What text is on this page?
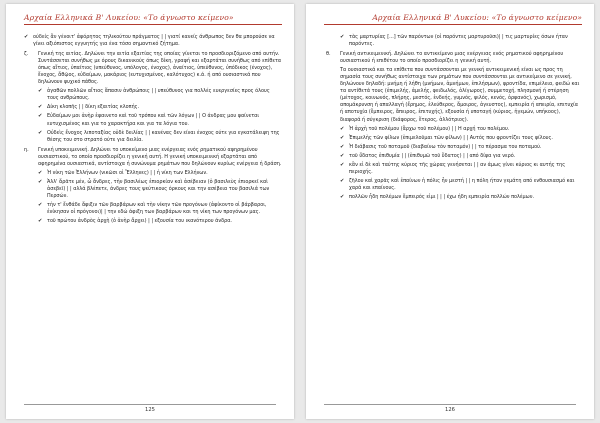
Αρχαία Ελληνικά Β' Λυκείου: «Το άγνωστο κείμενο»
✔ ούδείς ἂν γένοιτ' ἀφόρητος τηλικούτου πράγματος | | γιατί κανείς άνθρωπος δεν θα μπορούσε να γίνει αξιόπιστος εγγυητής για ένα τόσο σημαντικό ζήτημα.
ζ. Γενική της αιτίας. Δηλώνει την αιτία εξαιτίας της οποίας γίνεται το προσδιοριζόμενο από αυτήν. Συντάσσεται συνήθως με όρους δικανικούς όπως δίκη, γραφή και εξαρτάται συνήθως από επίθετα όπως αἴτιος, ὑπαίτιος (υπεύθυνος, υπόλογος, ένοχος), ἀναίτιος, ὑπεύθυνος, ὑπόδικος (ένοχος), ἔνοχος, ἄθῷος, εὐδαίμων, μακάριος (ευτυχισμένος, καλότυχος) κ.ά. ή από ουσιαστικά που δηλώνουν ψυχικό πάθος.
✔ ἀγαθῶν πολλῶν αἴτιος ἅπασιν ἀνθρώποις | | υπεύθυνος για πολλές ευεργεσίες προς όλους τους ανθρώπους.
✔ Δίκη κλοπῆς | | δίκη εξαιτίας κλοπής.
✔ Εὐδαίμων μοι ἀνὴρ ἐφαινετο καὶ τοῦ τρόπου καὶ τῶν λόγων | | Ο άνδρας μου φαίνεται ευτυχισμένος και για το χαρακτήρα και για τα λόγια του.
✔ Οὐδεὶς ἔνοχος λιποταξίας οὐδὲ δειλίας | | κανένας δεν είναι ένοχος ούτε για εγκατάλειψη της θέσης του στο στρατό ούτε για δειλία.
η. Γενική υποκειμενική. Δηλώνει το υποκείμενο μιας ενέργειας ενός ρηματικού αφηρημένου ουσιαστικού, το οποίο προσδιορίζει η γενική αυτή. Η γενική υποκειμενική εξαρτάται από αφηρημένα ουσιαστικά, αντίστοιχα ή συνώνυμα ρημάτων που δηλώνουν κυρίως ενέργεια ή δράση.
✔ Ἡ νίκη τῶν Ἑλλήνων (νικῶσι οἱ Ἕλληνες) | | ἡ νίκη των Ελλήνων.
✔ Ἀλλ' ἄρᾶτε μέν, ὦ ἄνδρες, τὴν βασιλέως ἐπιορκίαν καὶ ἀσέβειαν (ὁ βασιλεὺς ἐπιορκεῖ καὶ ἀσεβεῖ) | | αλλά βλέπετε, άνδρες τους ψεύτικους όρκους και την ασέβεια του βασιλιά των Περσών.
✔ τὴν τ' ἔνθάδε ἄφιξιν τῶν βαρβάρων καὶ τὴν νίκην τῶν προγόνων (ἀφίκοντο οἱ βάρβαροι, ἐνίκησαν οἱ πρόγονοι)| | την εδώ άφιξη των βαρβάρων και τη νίκη των προγόνων μας.
✔ τοῦ πρώτου ἀνδρὸς ἀρχὴ (ὁ ἀνὴρ ἄρχει) | | εξουσία του ικανότερου άνδρα.
125
Αρχαία Ελληνικά Β' Λυκείου: «Το άγνωστο κείμενο»
✔ τὰς μαρτυρίας [...] τῶν παρόντων (οἱ παρόντες μαρτυροῦσι)| | τις μαρτυρίες όσων ήταν παρόντες.
θ. Γενική αντικειμενική. Δηλώνει το αντικείμενο μιας ενέργειας ενός ρηματικού αφηρημένου ουσιαστικού ή επιθέτου το οποίο προσδιορίζει η γενική αυτή.
Τα ουσιαστικά και τα επίθετα που συντάσσονται με γενική αντικειμενική είναι ως προς τη σημασία τους συνήθως αντίστοιχα των ρημάτων που συντάσσονται με αντικείμενο σε γενική, δηλώνουν δηλαδή: μνήμη ή λήθη (μνήμων, ἀμνήμων, ἐπιλήσμων), φροντίδα, επιμέλεια, φειδώ και τα αντίθετά τους (ἐπιμελής, ἀμελής, φειδωλός, ὀλίγωρος), συμμετοχή, πλησμονή ή στέρηση (μέτοχος, κοινωνός, πλήρης, μεστός, ἐνδεής, γυμνός, ψιλός, κενός, ὀρφανός), χωρισμό, απομάκρυνση ή απαλλαγή (ἔρημος, ἐλεύθερος, ἄμοιρος, ἀγευστος), εμπειρία ή απειρία, επιτυχία ή αποτυχία (ἔμπειρος, ἄπειρος, ἐπιτυχής), εξουσία ή υποταγή (κύριος, ἡγεμών, υπήκοος), διαφορά ή σύγκριση (διάφορος, ἕτερος, ἀλλότριος).
✔ Ἡ ἀρχὴ τοῦ πολέμου (ἄρχω τοῦ πολέμου) | | Η αρχή του πολέμου.
✔ Ἐπιμελὴς τῶν φίλων (ἐπιμελοῦμαι τῶν φίλων) | | Αυτός που φροντίζει τους φίλους.
✔ Ἡ διάβασις τοῦ ποταμοῦ (διαβαίνω τὸν ποταμόν) | | το πέρασμα του ποταμού.
✔ τοῦ ὕδατος ἐπιθυμία | | (ἐπιθυμῶ τοῦ ὕδατος) | | από δίψα για νερό.
✔ κἂν εἰ δὲ καὶ ταύτης κύριος τῆς χώρας γενήσεται | | αν άμως γίνει κύριος κι αυτής της περιοχής.
✔ ζῆλου καὶ χαρᾶς καὶ ἐπαίνων ἡ πόλις ἦν μεστή | | η πόλη ήταν γεμάτη από ενθουσιασμό και χαρά και επαίνους.
✔ πολλῶν ἦδη πολέμων ἔμπειρός εἰμι | | | έχω ήδη εμπειρία πολλών πολέμων.
126
